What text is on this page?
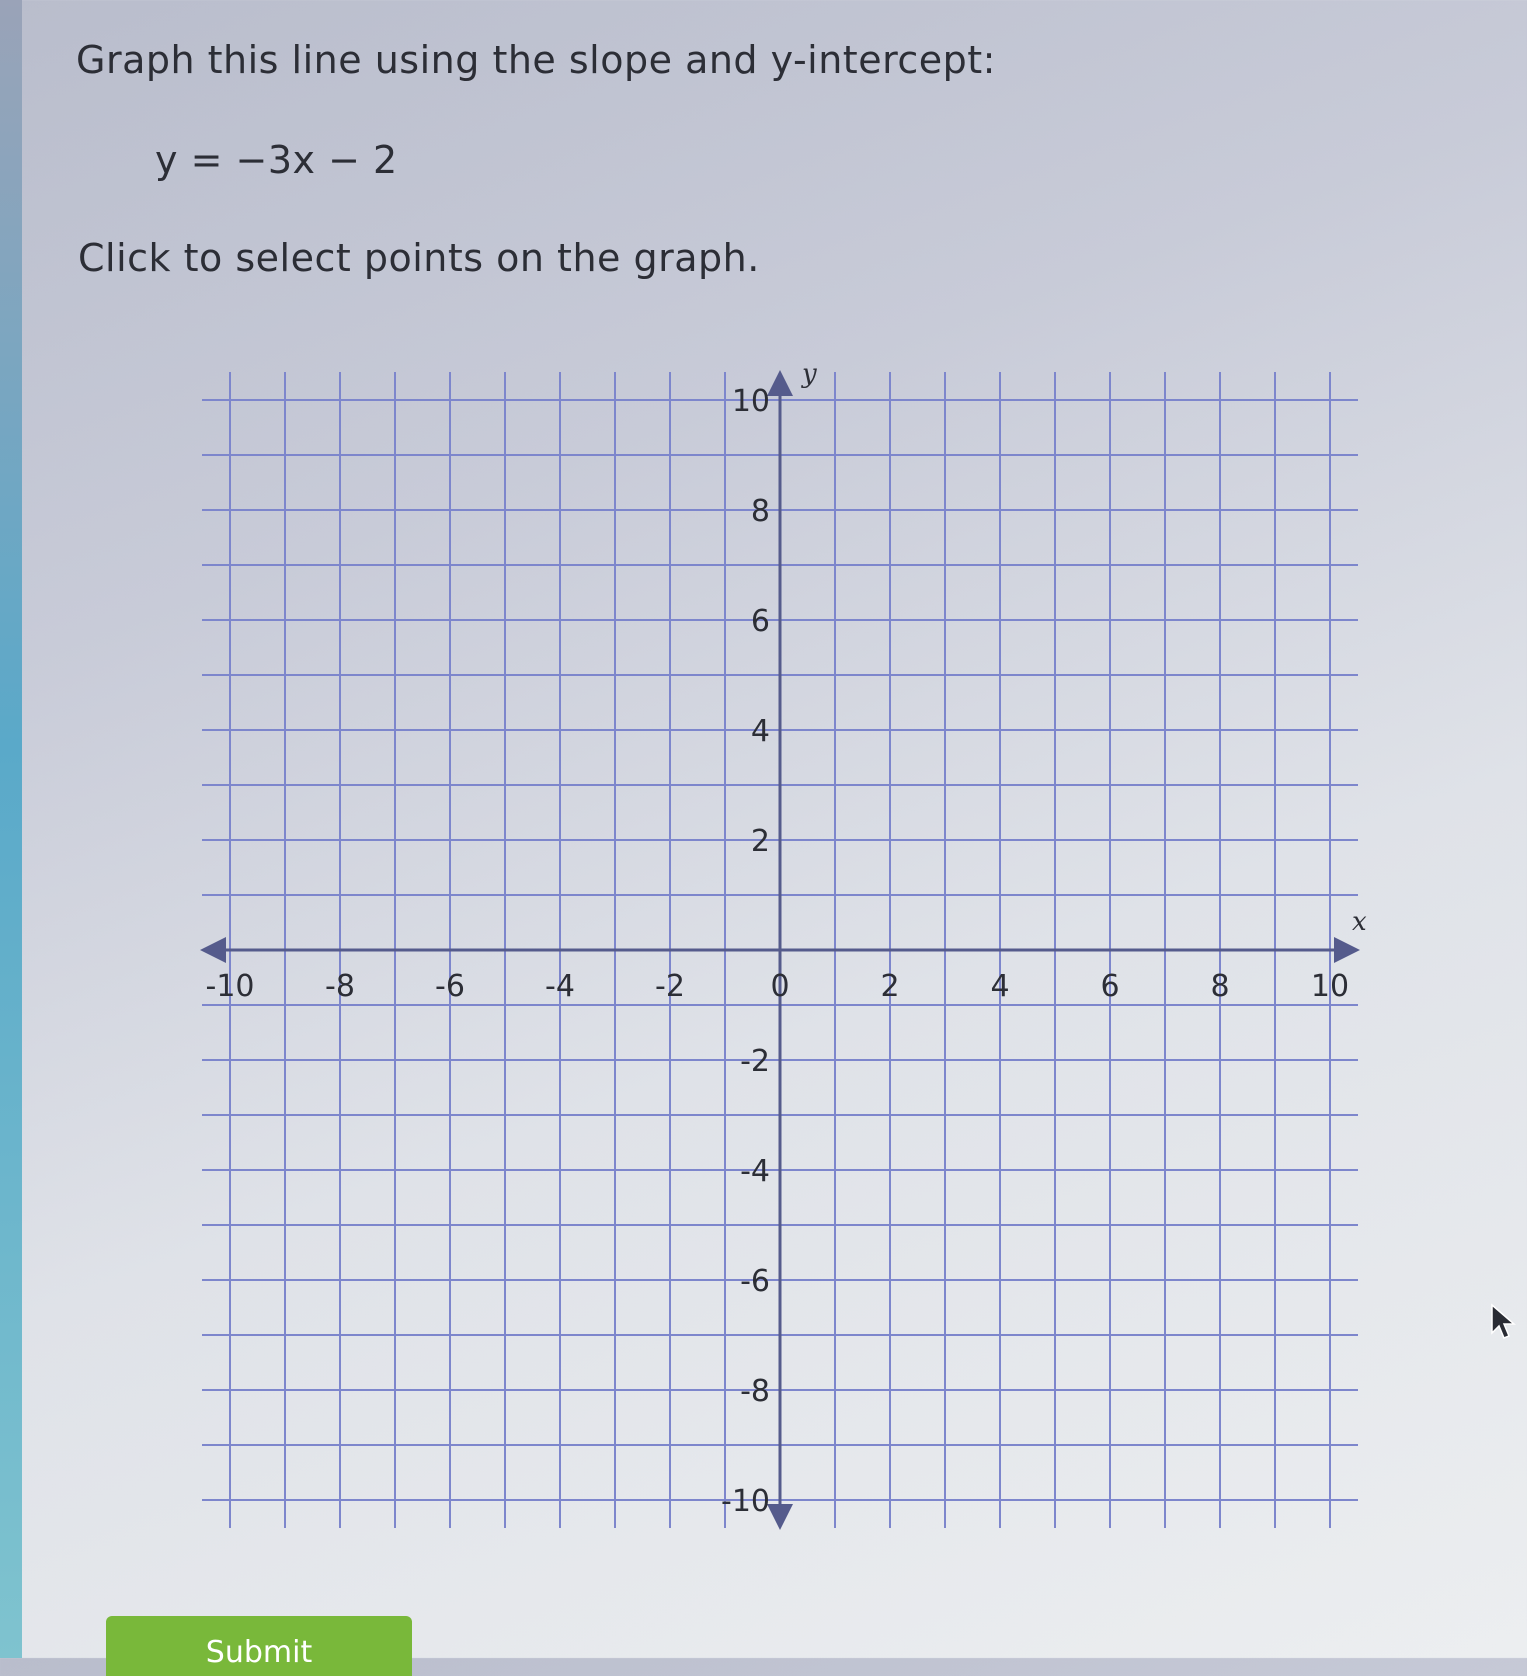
Graph this line using the slope and y-intercept:
y = −3x − 2
Click to select points on the graph.
-10 -8	-6	-4	-2	0	2	4	6	8	10
10
8
6
4
2
-2
-4
-6
-8
-10
x
y
Submit
